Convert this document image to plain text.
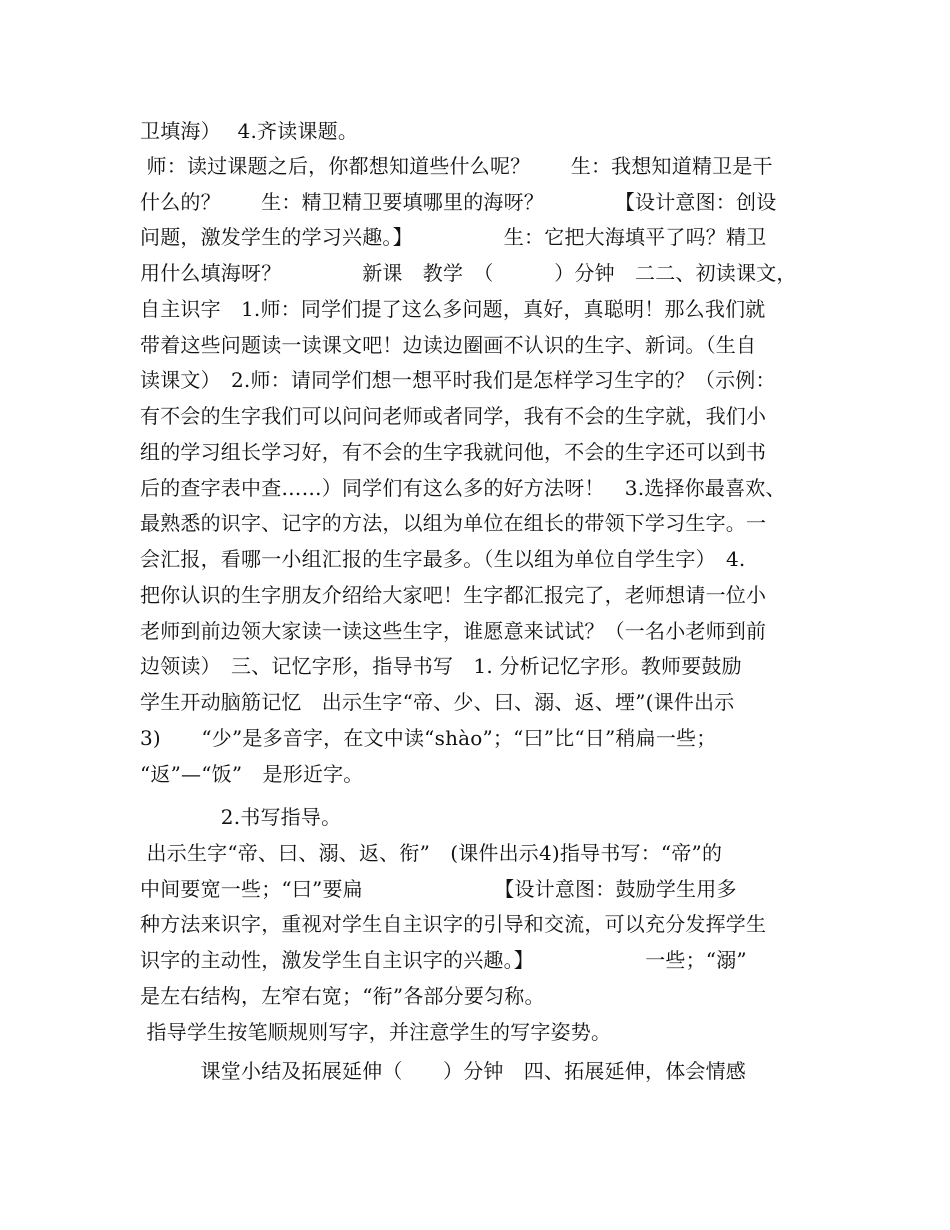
卫填海）　 4.齐读课题。
师：读过课题之后，你都想知道些什么呢？　　生：我想知道精卫是干
什么的？　　生：精卫精卫要填哪里的海呀？　　　　【设计意图：创设
问题，激发学生的学习兴趣。】　　　　　生：它把大海填平了吗？精卫
用什么填海呀？　　　　新课　教学　（　　　）分钟　二二、初读课文，
自主识字　1.师：同学们提了这么多问题，真好，真聪明！那么我们就
带着这些问题读一读课文吧！边读边圈画不认识的生字、新词。（生自
读课文）　2.师：请同学们想一想平时我们是怎样学习生字的？（示例：
有不会的生字我们可以问问老师或者同学，我有不会的生字就，我们小
组的学习组长学习好，有不会的生字我就问他，不会的生字还可以到书
后的查字表中查……）同学们有这么多的好方法呀！　3.选择你最喜欢、
最熟悉的识字、记字的方法，以组为单位在组长的带领下学习生字。一
会汇报，看哪一小组汇报的生字最多。（生以组为单位自学生字）　4.
把你认识的生字朋友介绍给大家吧！生字都汇报完了，老师想请一位小
老师到前边领大家读一读这些生字，谁愿意来试试？（一名小老师到前
边领读）　三、记忆字形，指导书写　1. 分析记忆字形。教师要鼓励
学生开动脑筋记忆　出示生字“帝、少、曰、溺、返、堙”(课件出示
3)　　“少”是多音字，在文中读“shào”；“曰”比“日”稍扁一些；
“返”—“饭”　是形近字。
　　　　2.书写指导。
出示生字“帝、曰、溺、返、衔”　(课件出示4)指导书写：“帝”的
中间要宽一些；“曰”要扁　　　　　　　【设计意图：鼓励学生用多
种方法来识字，重视对学生自主识字的引导和交流，可以充分发挥学生
识字的主动性，激发学生自主识字的兴趣。】　　　　　　一些；“溺”
是左右结构，左窄右宽；“衔”各部分要匀称。
指导学生按笔顺规则写字，并注意学生的写字姿势。
　　　课堂小结及拓展延伸（　　）分钟　四、拓展延伸，体会情感
